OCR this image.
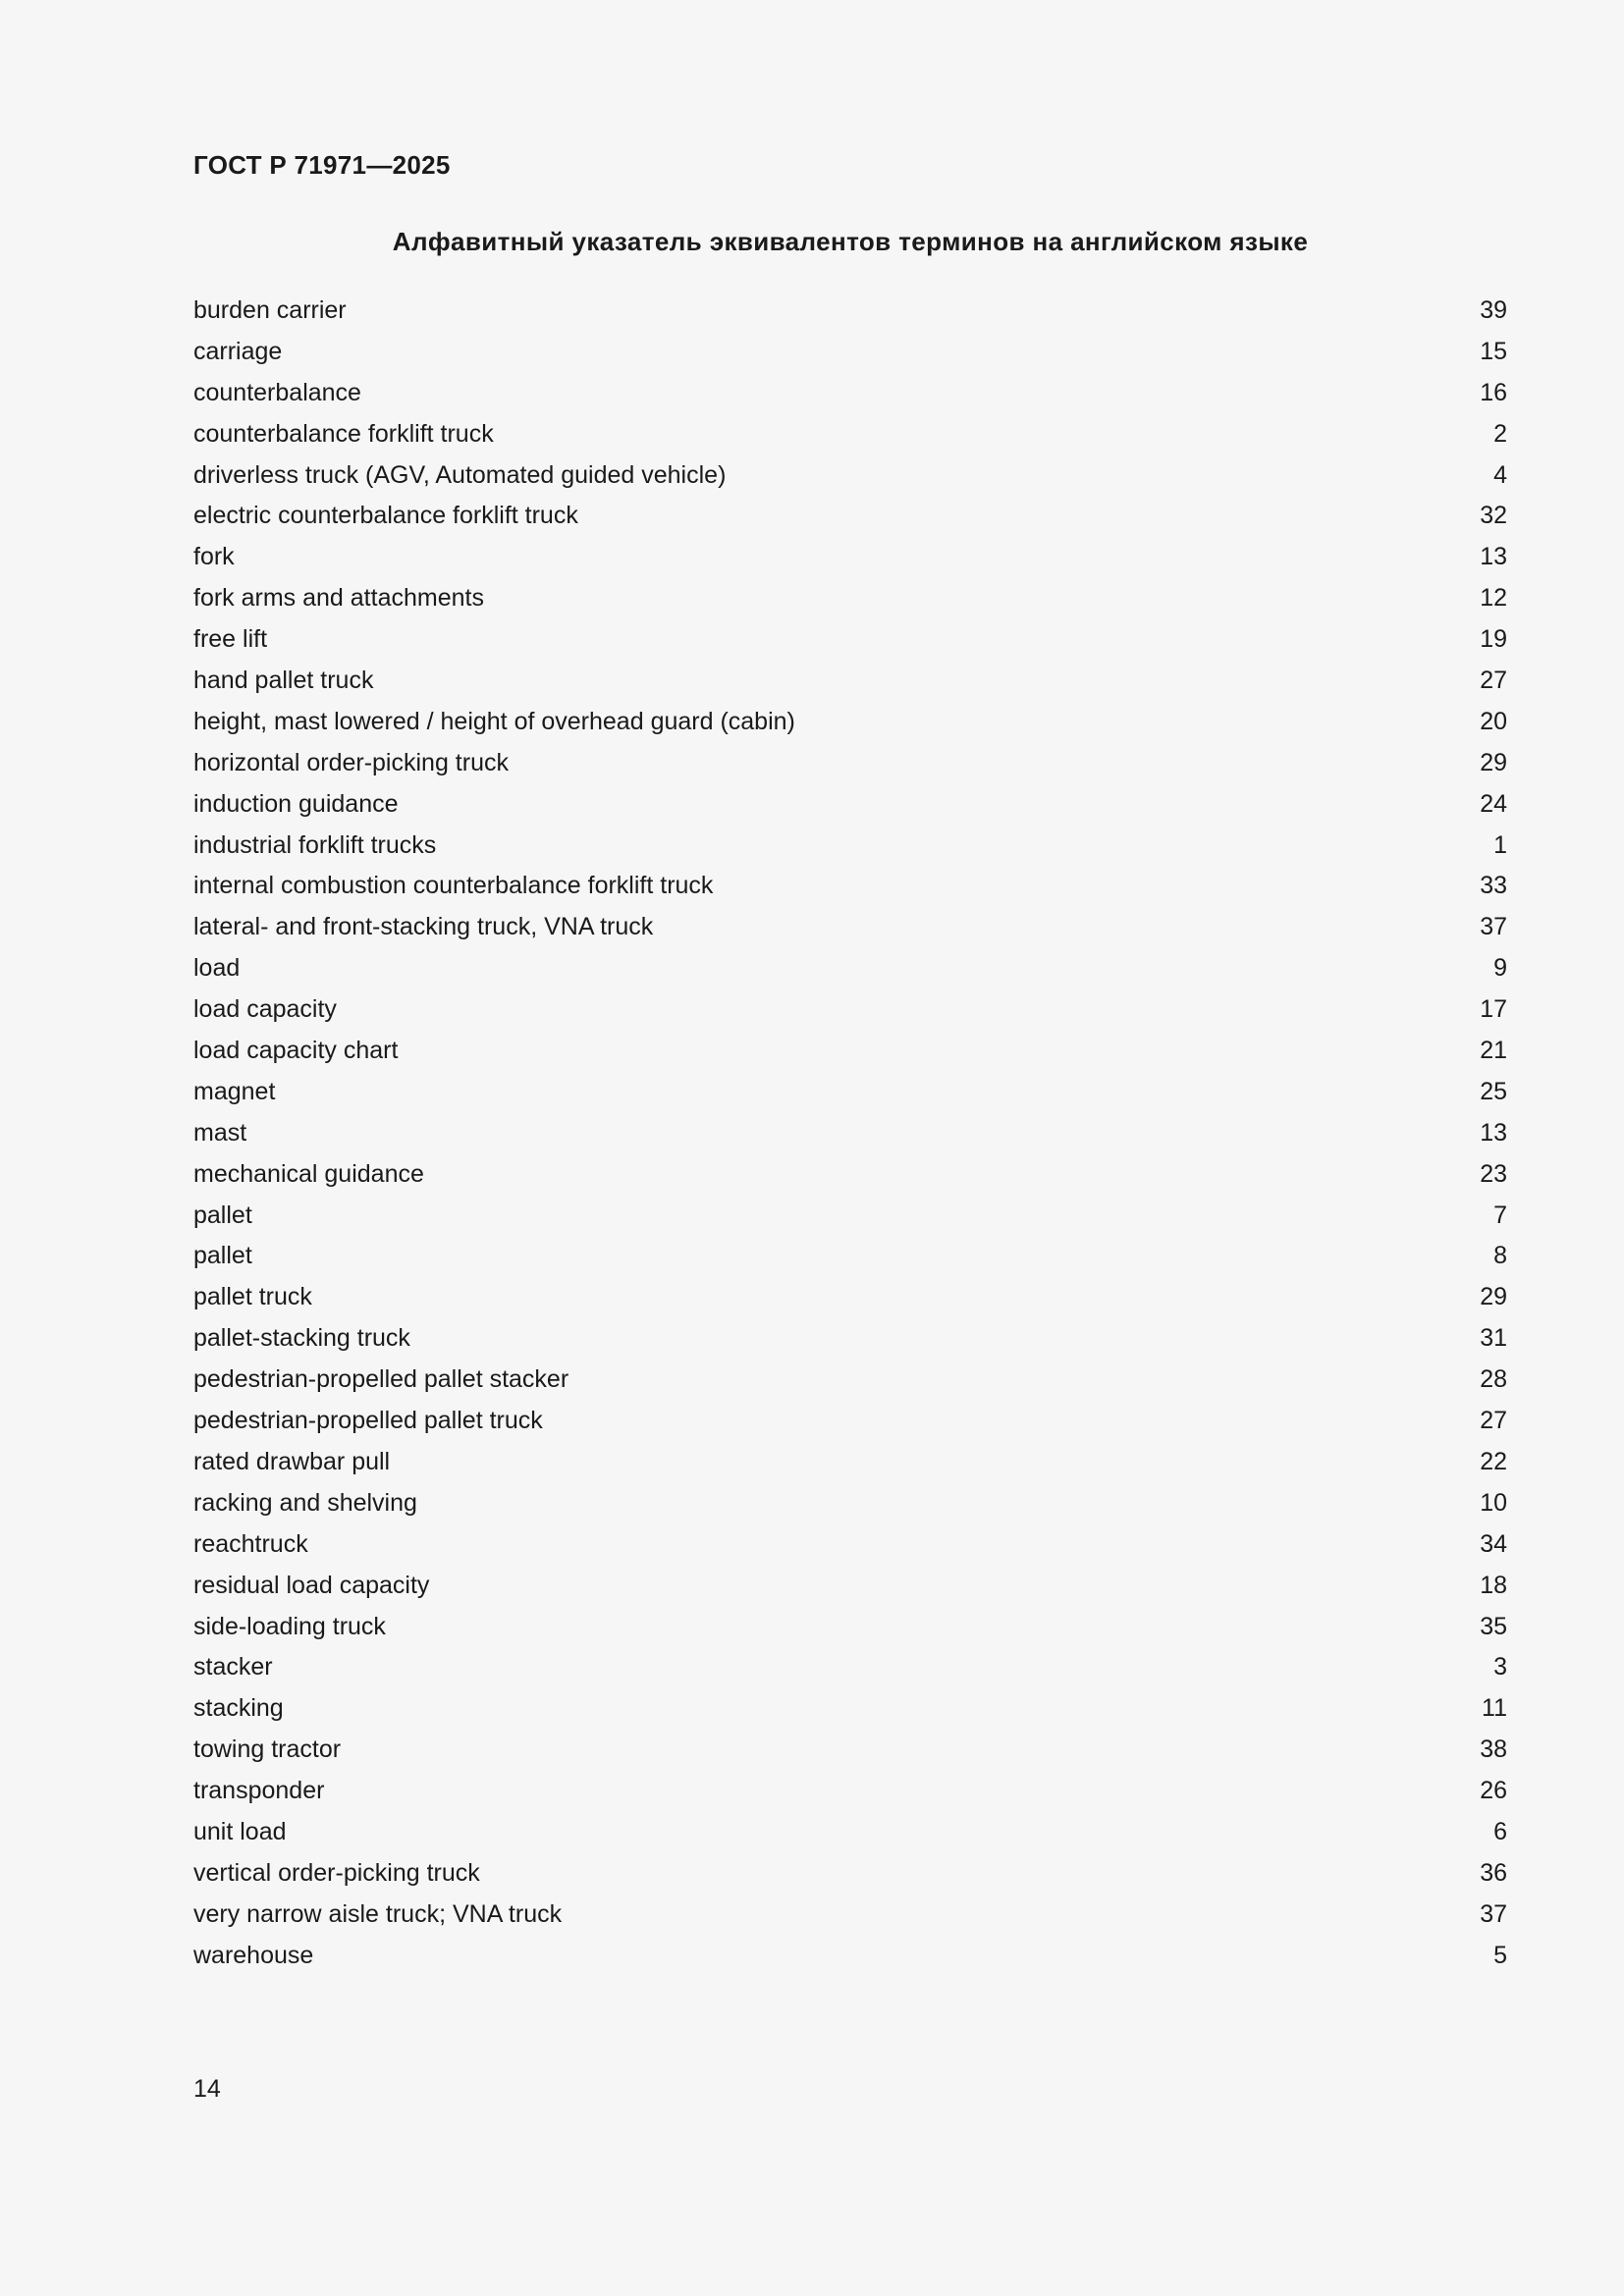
ГОСТ Р 71971—2025
Алфавитный указатель эквивалентов терминов на английском языке
burden carrier	39
carriage	15
counterbalance	16
counterbalance forklift truck	2
driverless truck (AGV, Automated guided vehicle)	4
electric counterbalance forklift truck	32
fork	13
fork arms and attachments	12
free lift	19
hand pallet truck	27
height, mast lowered / height of overhead guard (cabin)	20
horizontal order-picking truck	29
induction guidance	24
industrial forklift trucks	1
internal combustion counterbalance forklift truck	33
lateral- and front-stacking truck, VNA truck	37
load	9
load capacity	17
load capacity chart	21
magnet	25
mast	13
mechanical guidance	23
pallet	7
pallet	8
pallet truck	29
pallet-stacking truck	31
pedestrian-propelled pallet stacker	28
pedestrian-propelled pallet truck	27
rated drawbar pull	22
racking and shelving	10
reachtruck	34
residual load capacity	18
side-loading truck	35
stacker	3
stacking	11
towing tractor	38
transponder	26
unit load	6
vertical order-picking truck	36
very narrow aisle truck; VNA truck	37
warehouse	5
14
